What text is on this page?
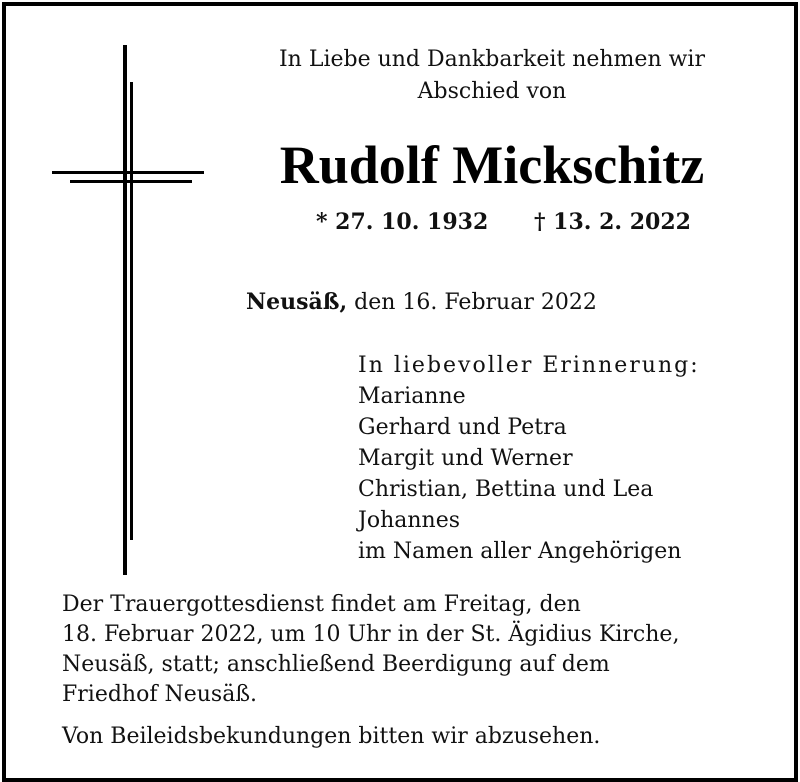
In Liebe und Dankbarkeit nehmen wir
Abschied von
Rudolf Mickschitz
* 27. 10. 1932 † 13. 2. 2022
Neusäß, den 16. Februar 2022
In liebevoller Erinnerung:
Marianne
Gerhard und Petra
Margit und Werner
Christian, Bettina und Lea
Johannes
im Namen aller Angehörigen
Der Trauergottesdienst findet am Freitag, den
18. Februar 2022, um 10 Uhr in der St. Ägidius Kirche,
Neusäß, statt; anschließend Beerdigung auf dem
Friedhof Neusäß.
Von Beileidsbekundungen bitten wir abzusehen.
